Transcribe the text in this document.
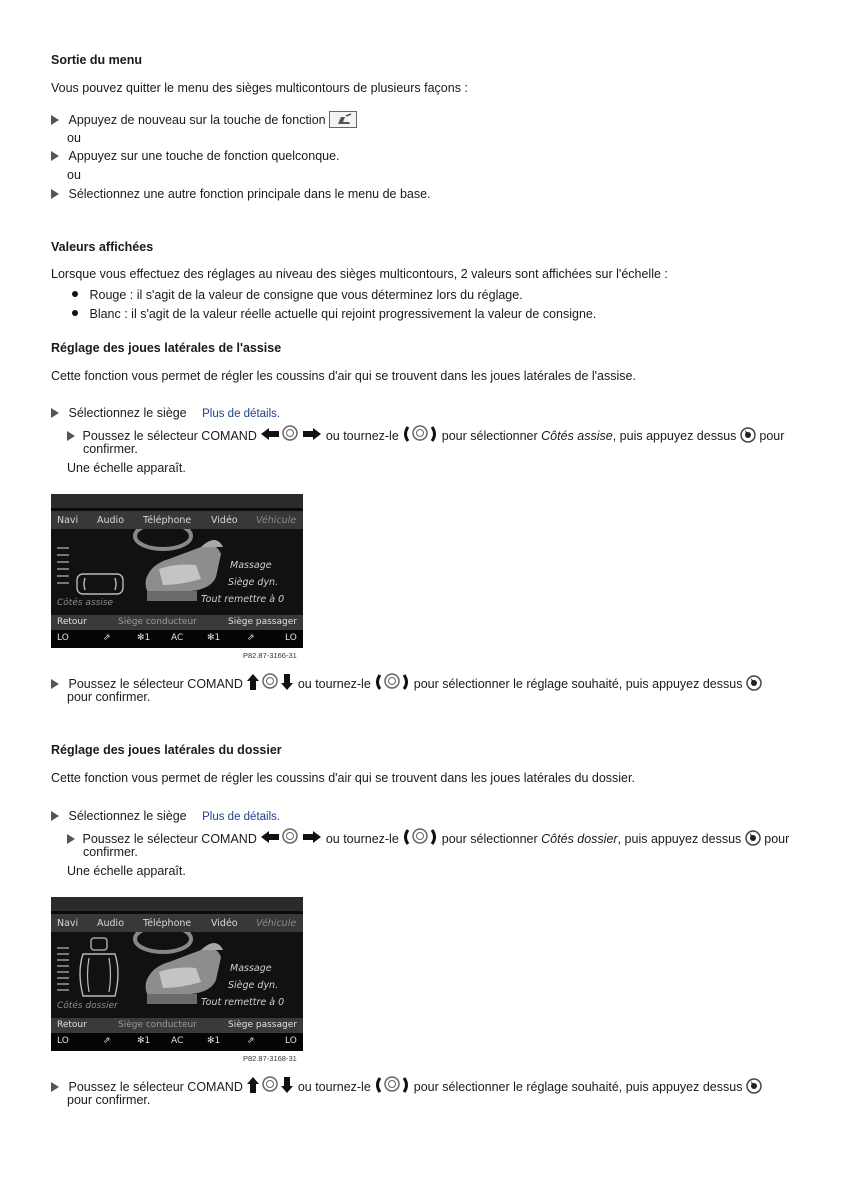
Sortie du menu
Vous pouvez quitter le menu des sièges multicontours de plusieurs façons :
Appuyez de nouveau sur la touche de fonction
ou
Appuyez sur une touche de fonction quelconque.
ou
Sélectionnez une autre fonction principale dans le menu de base.
Valeurs affichées
Lorsque vous effectuez des réglages au niveau des sièges multicontours, 2 valeurs sont affichées sur l'échelle :
Rouge : il s'agit de la valeur de consigne que vous déterminez lors du réglage.
Blanc : il s'agit de la valeur réelle actuelle qui rejoint progressivement la valeur de consigne.
Réglage des joues latérales de l'assise
Cette fonction vous permet de régler les coussins d'air qui se trouvent dans les joues latérales de l'assise.
Sélectionnez le siège Plus de détails.
Poussez le sélecteur COMAND	ou tournez-le	pour sélectionner Côtés assise, puis appuyez dessus pour
confirmer.
Une échelle apparaît.
Navi Audio Téléphone Vidéo Véhicule
Massage
Siège dyn.
Tout remettre à 0
Côtés assise
Retour	Siège conducteur	Siège passager
LO	⇗	✻1 AC	✻1	⇗	LO
P82.87-3166-31
Poussez le sélecteur COMAND	ou tournez-le	pour sélectionner le réglage souhaité, puis appuyez dessus
pour confirmer.
Réglage des joues latérales du dossier
Cette fonction vous permet de régler les coussins d'air qui se trouvent dans les joues latérales du dossier.
Sélectionnez le siège Plus de détails.
Poussez le sélecteur COMAND	ou tournez-le	pour sélectionner Côtés dossier, puis appuyez dessus pour
confirmer.
Une échelle apparaît.
Navi Audio Téléphone Vidéo Véhicule
Massage
Siège dyn.
Tout remettre à 0
Côtés dossier
Retour	Siège conducteur	Siège passager
LO	⇗	✻1 AC	✻1	⇗	LO
P82.87-3168-31
Poussez le sélecteur COMAND	ou tournez-le	pour sélectionner le réglage souhaité, puis appuyez dessus
pour confirmer.
